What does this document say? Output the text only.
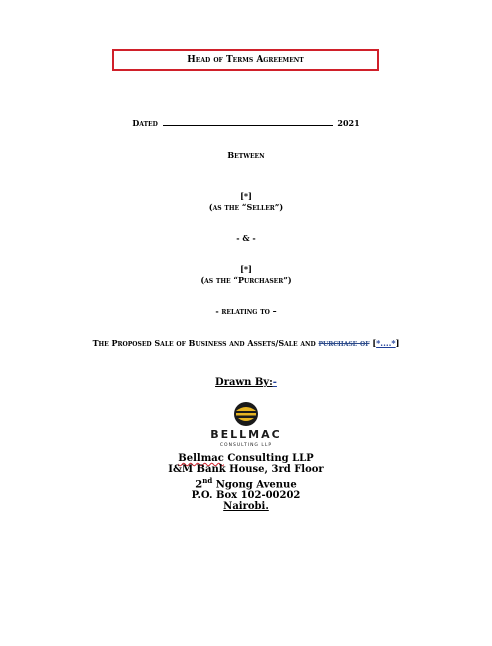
Head of Terms Agreement
Dated	2021
Between
[*]
(as the “Seller”)
- & -
[*]
(as the “Purchaser”)
- relating to –
The Proposed Sale of Business and Assets/Sale and purchase of [*....*]
Drawn By:-
BELLMAC
CONSULTING LLP
Bellmac Consulting LLP
I&M Bank House, 3rd Floor
2nd Ngong Avenue
P.O. Box 102-00202
Nairobi.
